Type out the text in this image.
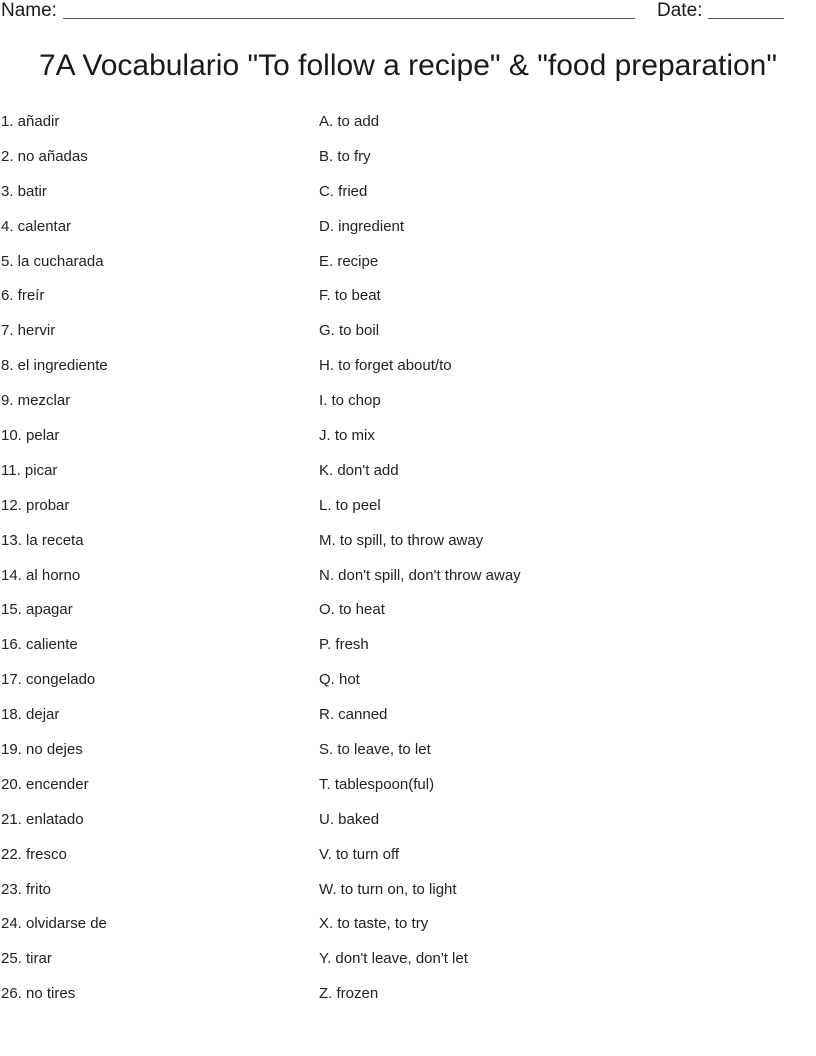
Name:	Date:
7A Vocabulario "To follow a recipe" & "food preparation"
1. añadir
2. no añadas
3. batir
4. calentar
5. la cucharada
6. freír
7. hervir
8. el ingrediente
9. mezclar
10. pelar
11. picar
12. probar
13. la receta
14. al horno
15. apagar
16. caliente
17. congelado
18. dejar
19. no dejes
20. encender
21. enlatado
22. fresco
23. frito
24. olvidarse de
25. tirar
26. no tires
A. to add
B. to fry
C. fried
D. ingredient
E. recipe
F. to beat
G. to boil
H. to forget about/to
I. to chop
J. to mix
K. don't add
L. to peel
M. to spill, to throw away
N. don't spill, don't throw away
O. to heat
P. fresh
Q. hot
R. canned
S. to leave, to let
T. tablespoon(ful)
U. baked
V. to turn off
W. to turn on, to light
X. to taste, to try
Y. don't leave, don't let
Z. frozen
